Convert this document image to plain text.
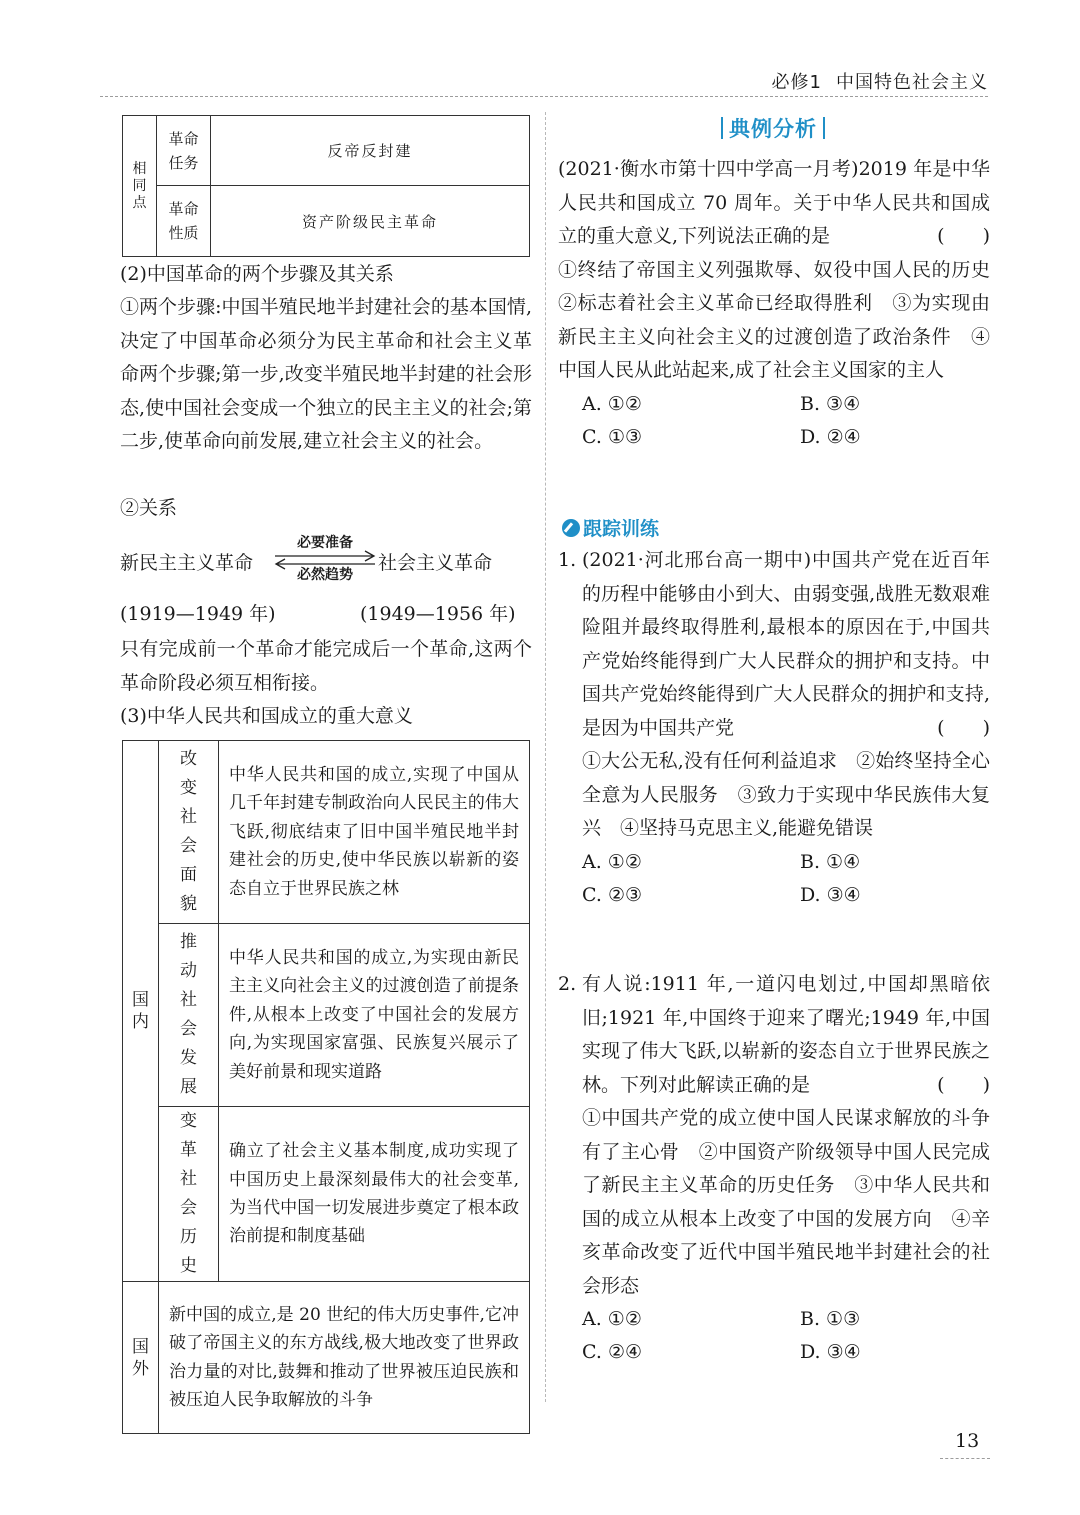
必修1 中国特色社会主义
相同点	革命任务	反帝反封建

	革命性质	资产阶级民主革命
(2)中国革命的两个步骤及其关系
①两个步骤:中国半殖民地半封建社会的基本国情,决定了中国革命必须分为民主革命和社会主义革命两个步骤;第一步,改变半殖民地半封建的社会形态,使中国社会变成一个独立的民主主义的社会;第二步,使革命向前发展,建立社会主义的社会。
②关系
新民主主义革命
必要准备
必然趋势
社会主义革命
(1919—1949 年)	(1949—1956 年)
只有完成前一个革命才能完成后一个革命,这两个革命阶段必须互相衔接。
(3)中华人民共和国成立的重大意义
国内	改变社会面貌	中华人民共和国的成立,实现了中国从几千年封建专制政治向人民民主的伟大飞跃,彻底结束了旧中国半殖民地半封建社会的历史,使中华民族以崭新的姿态自立于世界民族之林

	推动社会发展	中华人民共和国的成立,为实现由新民主主义向社会主义的过渡创造了前提条件,从根本上改变了中国社会的发展方向,为实现国家富强、民族复兴展示了美好前景和现实道路

	变革社会历史	确立了社会主义基本制度,成功实现了中国历史上最深刻最伟大的社会变革,为当代中国一切发展进步奠定了根本政治前提和制度基础

国外	新中国的成立,是 20 世纪的伟大历史事件,它冲破了帝国主义的东方战线,极大地改变了世界政治力量的对比,鼓舞和推动了世界被压迫民族和被压迫人民争取解放的斗争	
典例分析
(2021·衡水市第十四中学高一月考)2019 年是中华人民共和国成立 70 周年。关于中华人民共和国成立的重大意义,下列说法正确的是	(　　)
①终结了帝国主义列强欺辱、奴役中国人民的历史　②标志着社会主义革命已经取得胜利　③为实现由新民主主义向社会主义的过渡创造了政治条件　④中国人民从此站起来,成了社会主义国家的主人
A. ①②	B. ③④
C. ①③	D. ②④
跟踪训练
1. (2021·河北邢台高一期中)中国共产党在近百年的历程中能够由小到大、由弱变强,战胜无数艰难险阻并最终取得胜利,最根本的原因在于,中国共产党始终能得到广大人民群众的拥护和支持。中国共产党始终能得到广大人民群众的拥护和支持,是因为中国共产党	(　　)
①大公无私,没有任何利益追求　②始终坚持全心全意为人民服务　③致力于实现中华民族伟大复兴　④坚持马克思主义,能避免错误
A. ①②	B. ①④
C. ②③	D. ③④
2. 有人说:1911 年,一道闪电划过,中国却黑暗依旧;1921 年,中国终于迎来了曙光;1949 年,中国实现了伟大飞跃,以崭新的姿态自立于世界民族之林。下列对此解读正确的是	(　　)
①中国共产党的成立使中国人民谋求解放的斗争有了主心骨　②中国资产阶级领导中国人民完成了新民主主义革命的历史任务　③中华人民共和国的成立从根本上改变了中国的发展方向　④辛亥革命改变了近代中国半殖民地半封建社会的社会形态
A. ①②	B. ①③
C. ②④	D. ③④
13
